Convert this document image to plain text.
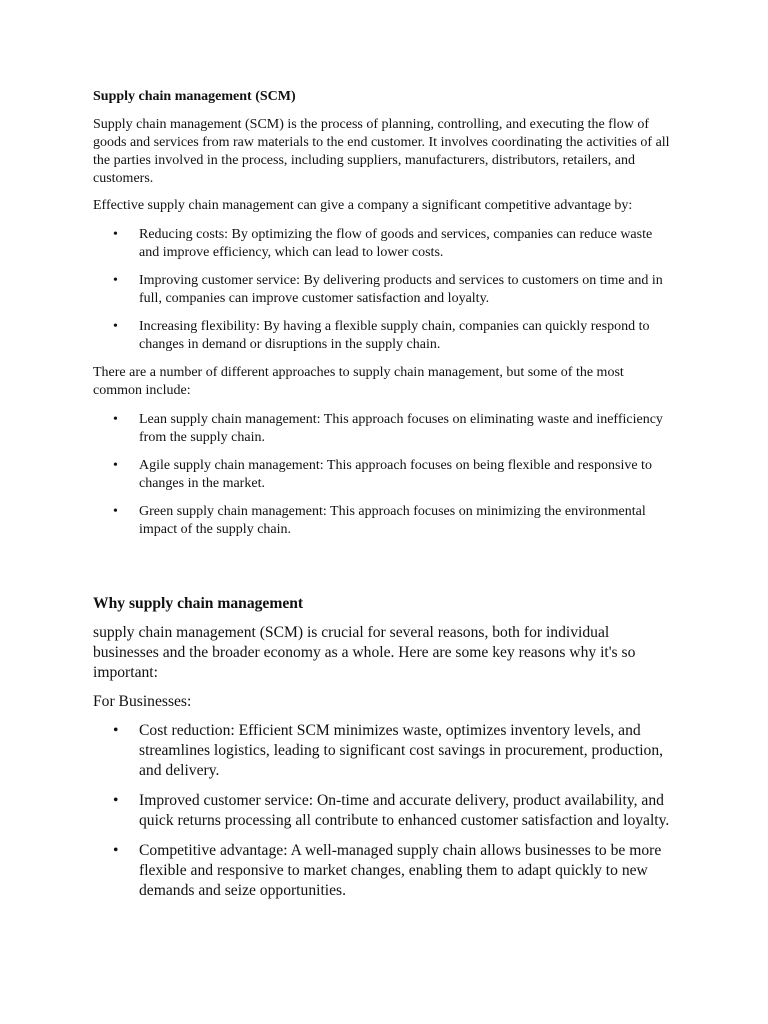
Supply chain management (SCM)

Supply chain management (SCM) is the process of planning, controlling, and executing the flow of goods and services from raw materials to the end customer. It involves coordinating the activities of all the parties involved in the process, including suppliers, manufacturers, distributors, retailers, and customers.

Effective supply chain management can give a company a significant competitive advantage by:

• Reducing costs: By optimizing the flow of goods and services, companies can reduce waste and improve efficiency, which can lead to lower costs.
• Improving customer service: By delivering products and services to customers on time and in full, companies can improve customer satisfaction and loyalty.
• Increasing flexibility: By having a flexible supply chain, companies can quickly respond to changes in demand or disruptions in the supply chain.

There are a number of different approaches to supply chain management, but some of the most common include:

• Lean supply chain management: This approach focuses on eliminating waste and inefficiency from the supply chain.
• Agile supply chain management: This approach focuses on being flexible and responsive to changes in the market.
• Green supply chain management: This approach focuses on minimizing the environmental impact of the supply chain.
Why supply chain management

supply chain management (SCM) is crucial for several reasons, both for individual businesses and the broader economy as a whole. Here are some key reasons why it's so important:

For Businesses:

• Cost reduction: Efficient SCM minimizes waste, optimizes inventory levels, and streamlines logistics, leading to significant cost savings in procurement, production, and delivery.
• Improved customer service: On-time and accurate delivery, product availability, and quick returns processing all contribute to enhanced customer satisfaction and loyalty.
• Competitive advantage: A well-managed supply chain allows businesses to be more flexible and responsive to market changes, enabling them to adapt quickly to new demands and seize opportunities.
